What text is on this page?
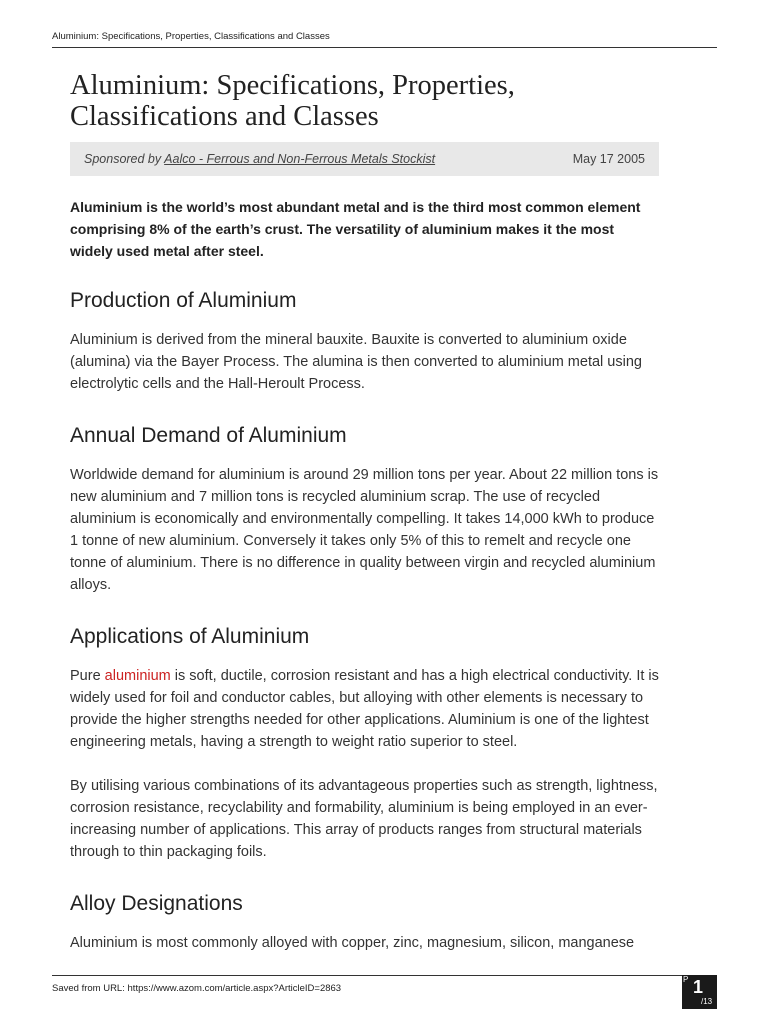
Aluminium: Specifications, Properties, Classifications and Classes
Aluminium: Specifications, Properties, Classifications and Classes
Sponsored by Aalco - Ferrous and Non-Ferrous Metals Stockist	May 17 2005

Aluminium is the world’s most abundant metal and is the third most common element comprising 8% of the earth’s crust. The versatility of aluminium makes it the most widely used metal after steel.

Production of Aluminium

Aluminium is derived from the mineral bauxite. Bauxite is converted to aluminium oxide (alumina) via the Bayer Process. The alumina is then converted to aluminium metal using electrolytic cells and the Hall-Heroult Process.

Annual Demand of Aluminium

Worldwide demand for aluminium is around 29 million tons per year. About 22 million tons is new aluminium and 7 million tons is recycled aluminium scrap. The use of recycled aluminium is economically and environmentally compelling. It takes 14,000 kWh to produce 1 tonne of new aluminium. Conversely it takes only 5% of this to remelt and recycle one tonne of aluminium. There is no difference in quality between virgin and recycled aluminium alloys.

Applications of Aluminium

Pure aluminium is soft, ductile, corrosion resistant and has a high electrical conductivity. It is widely used for foil and conductor cables, but alloying with other elements is necessary to provide the higher strengths needed for other applications. Aluminium is one of the lightest engineering metals, having a strength to weight ratio superior to steel.

By utilising various combinations of its advantageous properties such as strength, lightness, corrosion resistance, recyclability and formability, aluminium is being employed in an ever-increasing number of applications. This array of products ranges from structural materials through to thin packaging foils.

Alloy Designations

Aluminium is most commonly alloyed with copper, zinc, magnesium, silicon, manganese

Saved from URL: https://www.azom.com/article.aspx?ArticleID=2863
P 1
/13
